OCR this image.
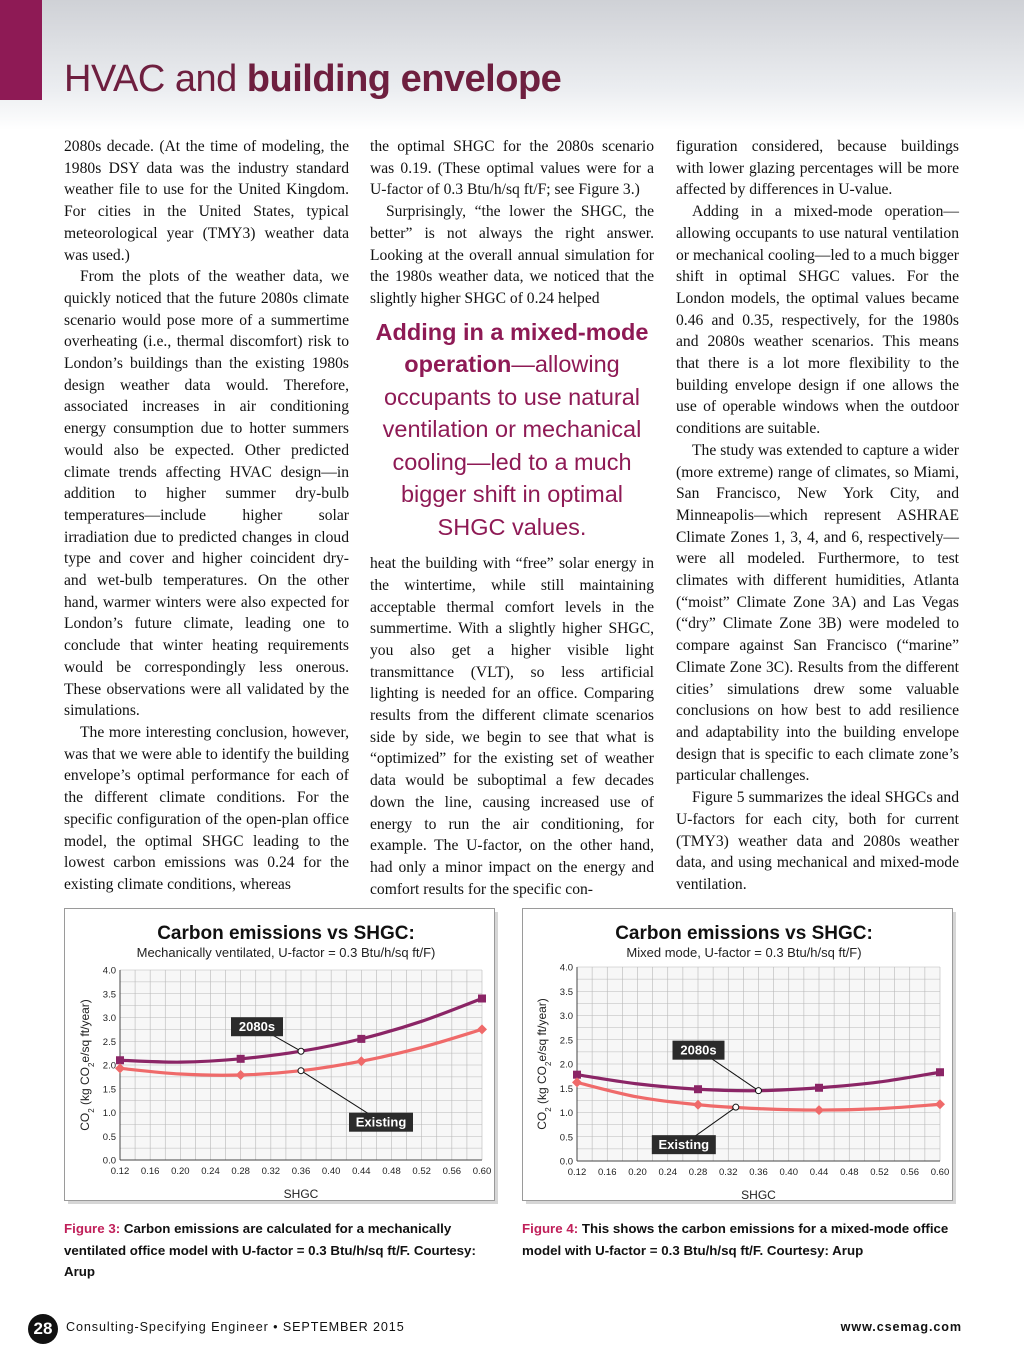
HVAC and building envelope

2080s decade. (At the time of modeling, the 1980s DSY data was the industry standard weather file to use for the United Kingdom. For cities in the United States, typical meteorological year (TMY3) weather data was used.)

From the plots of the weather data, we quickly noticed that the future 2080s climate scenario would pose more of a summertime overheating (i.e., thermal discomfort) risk to London’s buildings than the existing 1980s design weather data would. Therefore, associated increases in air conditioning energy consumption due to hotter summers would also be expected. Other predicted climate trends affecting HVAC design—in addition to higher summer dry-bulb temperatures—include higher solar irradiation due to predicted changes in cloud type and cover and higher coincident dry- and wet-bulb temperatures. On the other hand, warmer winters were also expected for London’s future climate, leading one to conclude that winter heating requirements would be correspondingly less onerous. These observations were all validated by the simulations.

The more interesting conclusion, however, was that we were able to identify the building envelope’s optimal performance for each of the different climate conditions. For the specific configuration of the open-plan office model, the optimal SHGC leading to the lowest carbon emissions was 0.24 for the existing climate conditions, whereas

the optimal SHGC for the 2080s scenario was 0.19. (These optimal values were for a U-factor of 0.3 Btu/h/sq ft/F; see Figure 3.)

Surprisingly, “the lower the SHGC, the better” is not always the right answer. Looking at the overall annual simulation for the 1980s weather data, we noticed that the slightly higher SHGC of 0.24 helped

Adding in a mixed-mode operation—allowing occupants to use natural ventilation or mechanical cooling—led to a much bigger shift in optimal SHGC values.

heat the building with “free” solar energy in the wintertime, while still maintaining acceptable thermal comfort levels in the summertime. With a slightly higher SHGC, you also get a higher visible light transmittance (VLT), so less artificial lighting is needed for an office. Comparing results from the different climate scenarios side by side, we begin to see that what is “optimized” for the existing set of weather data would be suboptimal a few decades down the line, causing increased use of energy to run the air conditioning, for example. The U-factor, on the other hand, had only a minor impact on the energy and comfort results for the specific con-

figuration considered, because buildings with lower glazing percentages will be more affected by differences in U-value.

Adding in a mixed-mode operation—allowing occupants to use natural ventilation or mechanical cooling—led to a much bigger shift in optimal SHGC values. For the London models, the optimal values became 0.46 and 0.35, respectively, for the 1980s and 2080s weather scenarios. This means that there is a lot more flexibility to the building envelope design if one allows the use of operable windows when the outdoor conditions are suitable.

The study was extended to capture a wider (more extreme) range of climates, so Miami, San Francisco, New York City, and Minneapolis—which represent ASHRAE Climate Zones 1, 3, 4, and 6, respectively—were all modeled. Furthermore, to test climates with different humidities, Atlanta (“moist” Climate Zone 3A) and Las Vegas (“dry” Climate Zone 3B) were modeled to compare against San Francisco (“marine” Climate Zone 3C). Results from the different cities’ simulations drew some valuable conclusions on how best to add resilience and adaptability into the building envelope design that is specific to each climate zone’s particular challenges.

Figure 5 summarizes the ideal SHGCs and U-factors for each city, both for current (TMY3) weather data and 2080s weather data, and using mechanical and mixed-mode ventilation.

Carbon emissions vs SHGC:
Mechanically ventilated, U-factor = 0.3 Btu/h/sq ft/F)
0.12 0.16 0.20 0.24 0.28 0.32 0.36 0.40 0.44 0.48 0.52 0.56 0.60
0.0
0.5
1.0
1.5
2.0
2.5
3.0
3.5
4.0
SHGC
$CO_2$ (kg $CO_2e/sq$ ft/year)	2080s
Existing
Carbon emissions vs SHGC:
Mixed mode, U-factor = 0.3 Btu/h/sq ft/F)
0.12 0.16 0.20 0.24 0.28 0.32 0.36 0.40 0.44 0.48 0.52 0.56 0.60
0.0
0.5
1.0
1.5
2.0
2.5
3.0
3.5
4.0
SHGC
$CO_2$ (kg $CO_2e/sq$ ft/year)	2080s
Existing
Figure 3: Carbon emissions are calculated for a mechanically ventilated office model with U-factor = 0.3 Btu/h/sq ft/F. Courtesy: Arup
Figure 4: This shows the carbon emissions for a mixed-mode office model with U-factor = 0.3 Btu/h/sq ft/F. Courtesy: Arup
28	Consulting-Specifying Engineer • SEPTEMBER 2015	www.csemag.com
